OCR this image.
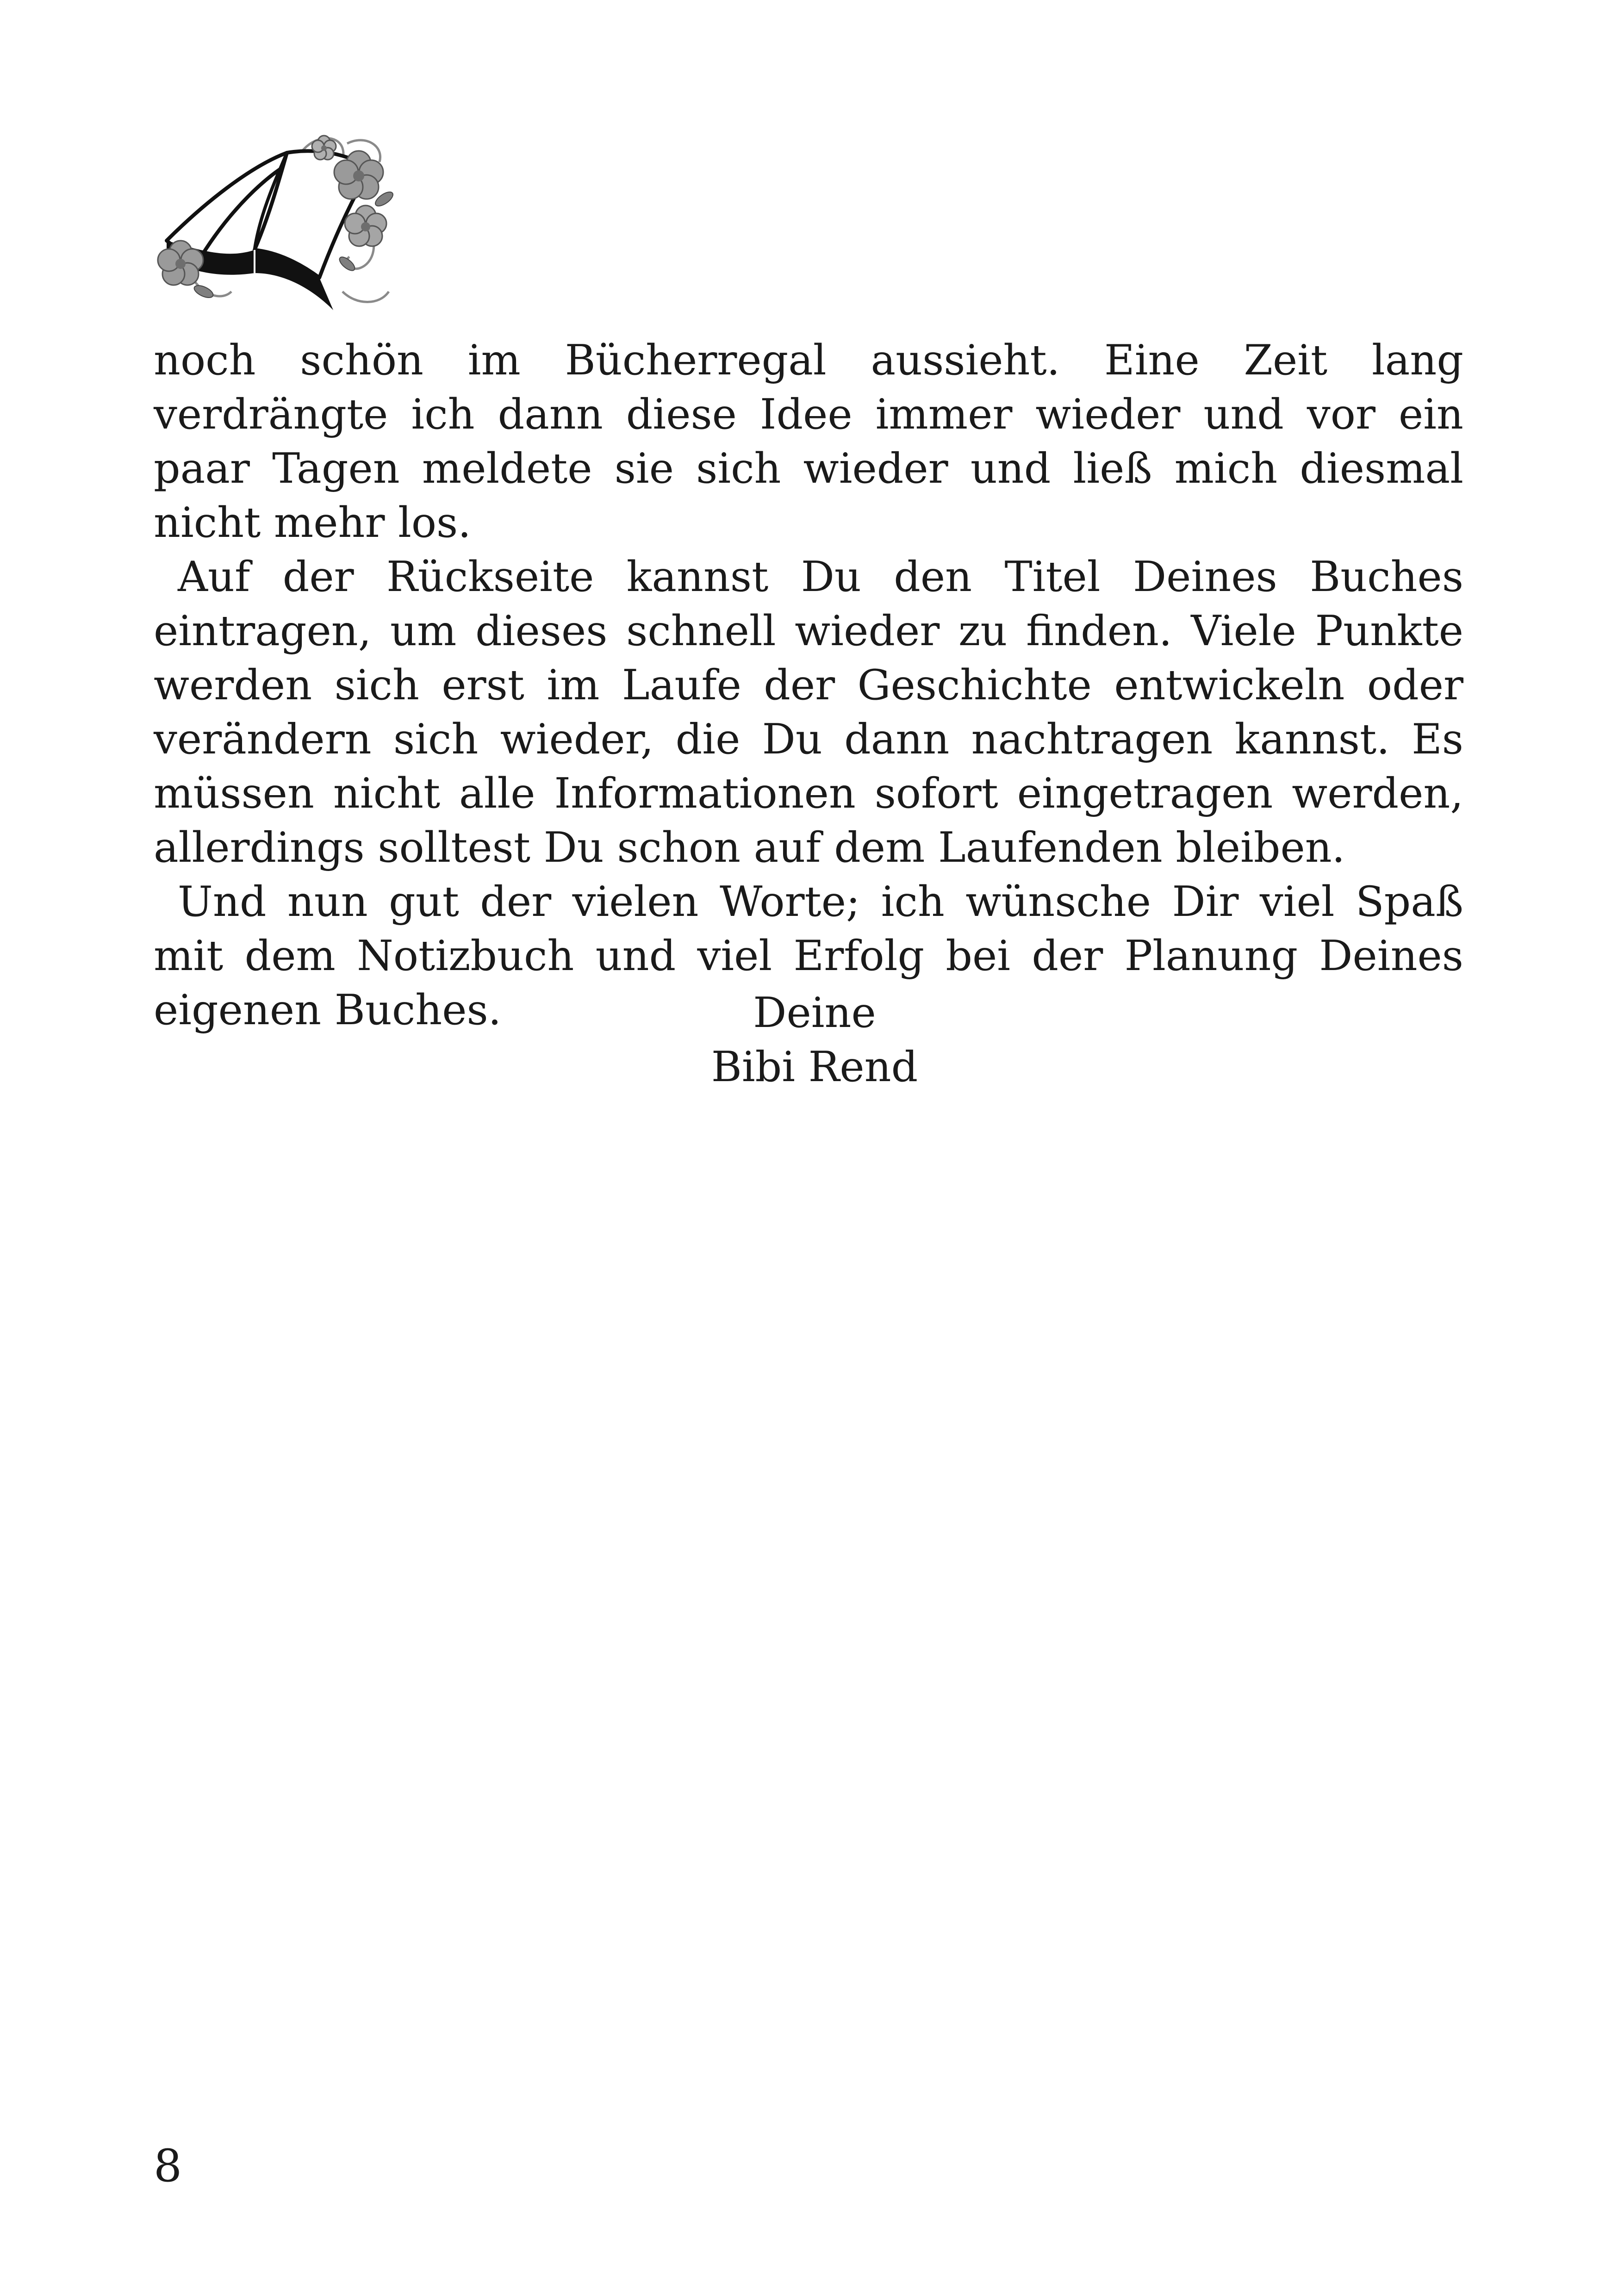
noch schön im Bücherregal aussieht. Eine Zeit lang verdrängte ich dann diese Idee immer wieder und vor ein paar Tagen meldete sie sich wieder und ließ mich diesmal nicht mehr los.

Auf der Rückseite kannst Du den Titel Deines Buches eintragen, um dieses schnell wieder zu finden. Viele Punkte werden sich erst im Laufe der Geschichte entwickeln oder verändern sich wieder, die Du dann nachtragen kannst. Es müssen nicht alle Informationen sofort eingetragen werden, allerdings solltest Du schon auf dem Laufenden bleiben.

Und nun gut der vielen Worte; ich wünsche Dir viel Spaß mit dem Notizbuch und viel Erfolg bei der Planung Deines eigenen Buches.	Deine
Bibi Rend
8
